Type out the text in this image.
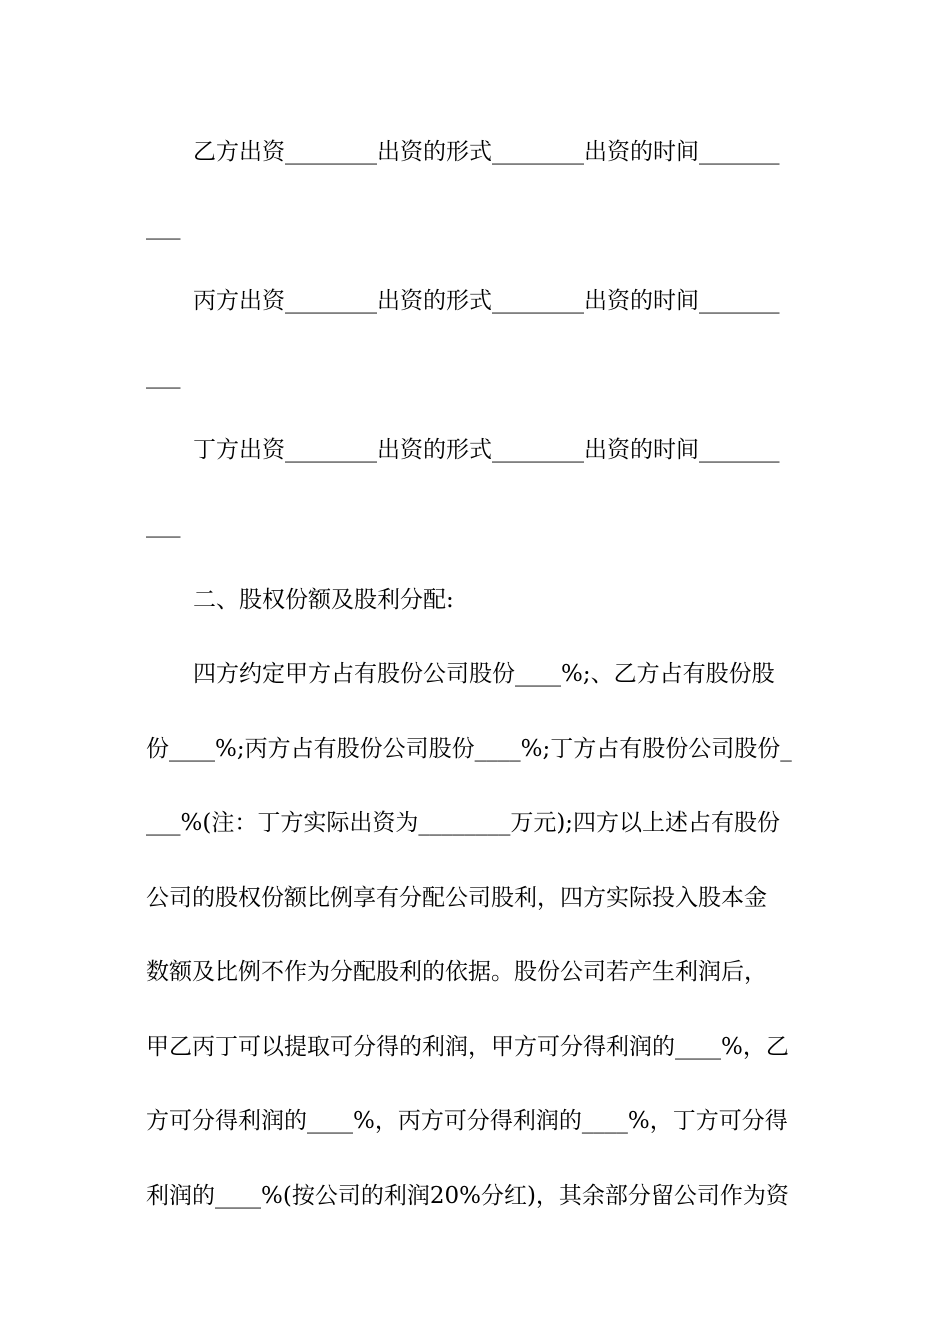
乙方出资________出资的形式________出资的时间_______
___
丙方出资________出资的形式________出资的时间_______
___
丁方出资________出资的形式________出资的时间_______
___
二、股权份额及股利分配:
四方约定甲方占有股份公司股份____%;、乙方占有股份股
份____%;丙方占有股份公司股份____%;丁方占有股份公司股份_
___%(注：丁方实际出资为________万元);四方以上述占有股份
公司的股权份额比例享有分配公司股利，四方实际投入股本金
数额及比例不作为分配股利的依据。股份公司若产生利润后，
甲乙丙丁可以提取可分得的利润，甲方可分得利润的____%，乙
方可分得利润的____%，丙方可分得利润的____%，丁方可分得
利润的____%(按公司的利润20%分红)，其余部分留公司作为资
